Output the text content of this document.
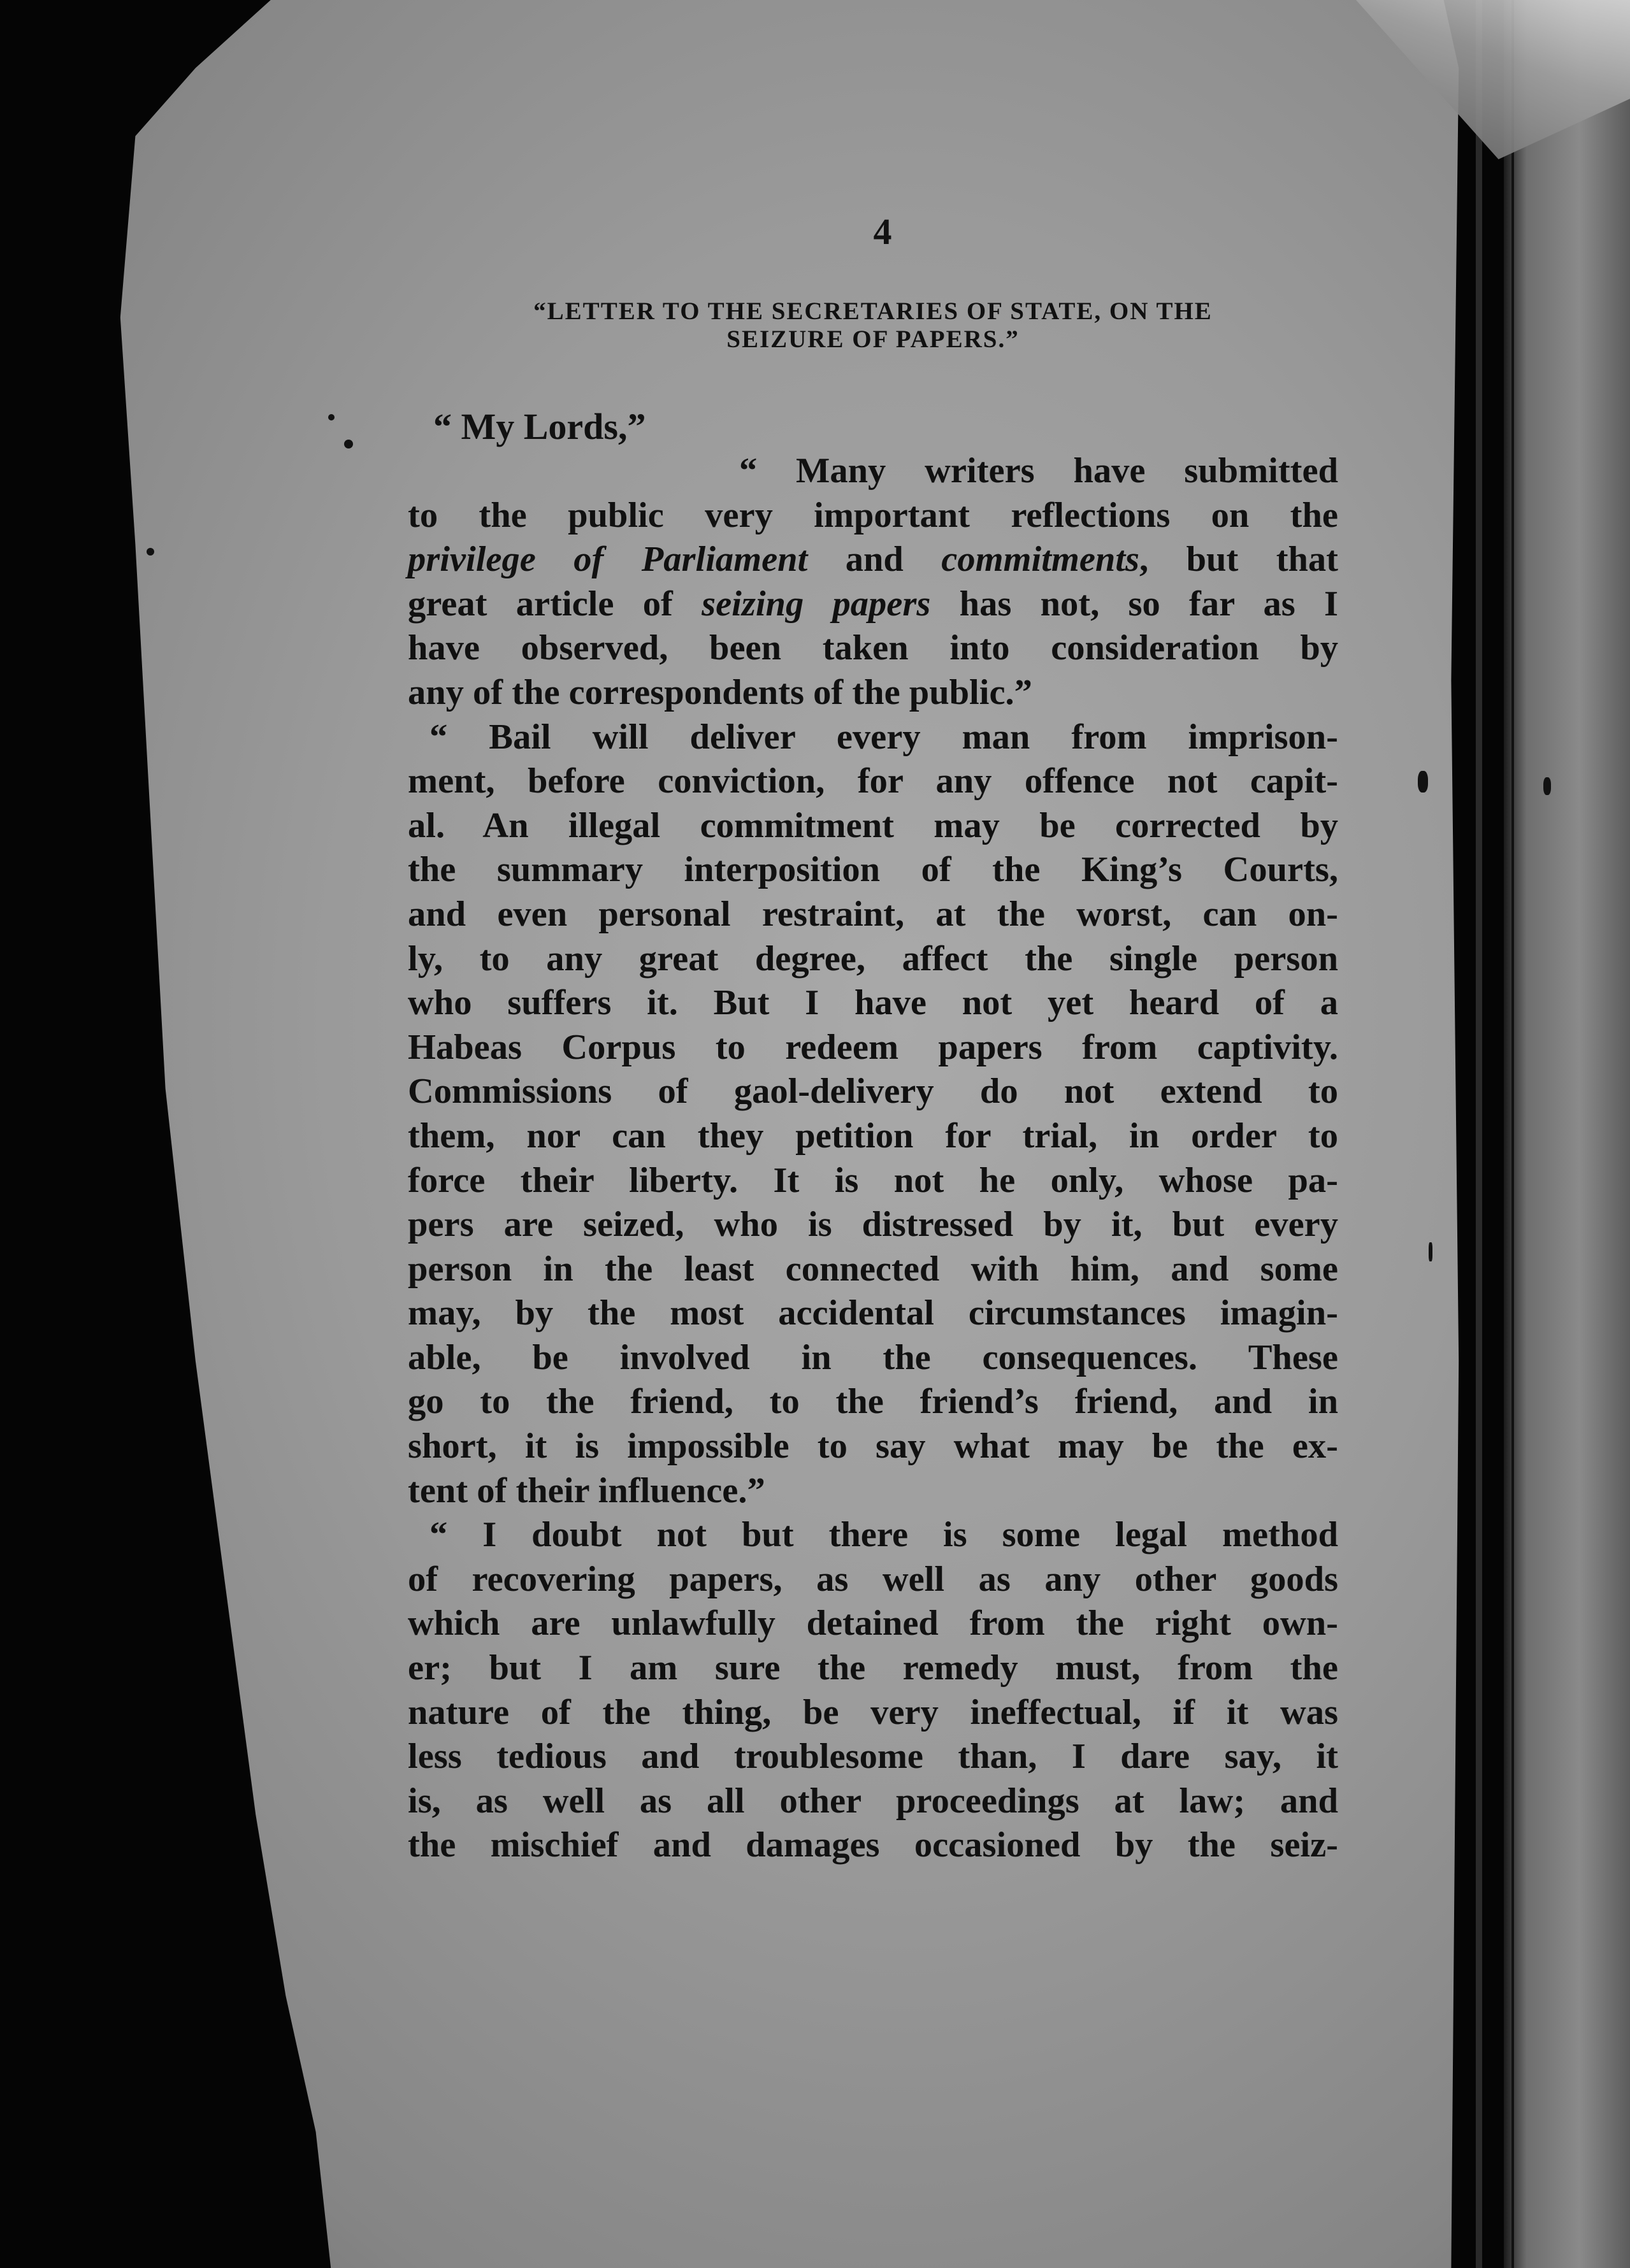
4
“LETTER TO THE SECRETARIES OF STATE, ON THE
SEIZURE OF PAPERS.”
“ My Lords,”
“ Many writers have submitted
to the public very important reflections on the
privilege of Parliament and commitments, but that
great article of seizing papers has not, so far as I
have observed, been taken into consideration by
any of the correspondents of the public.”
“ Bail will deliver every man from imprison-
ment, before conviction, for any offence not capit-
al. An illegal commitment may be corrected by
the summary interposition of the King’s Courts,
and even personal restraint, at the worst, can on-
ly, to any great degree, affect the single person
who suffers it. But I have not yet heard of a
Habeas Corpus to redeem papers from captivity.
Commissions of gaol-delivery do not extend to
them, nor can they petition for trial, in order to
force their liberty. It is not he only, whose pa-
pers are seized, who is distressed by it, but every
person in the least connected with him, and some
may, by the most accidental circumstances imagin-
able, be involved in the consequences. These
go to the friend, to the friend’s friend, and in
short, it is impossible to say what may be the ex-
tent of their influence.”
“ I doubt not but there is some legal method
of recovering papers, as well as any other goods
which are unlawfully detained from the right own-
er; but I am sure the remedy must, from the
nature of the thing, be very ineffectual, if it was
less tedious and troublesome than, I dare say, it
is, as well as all other proceedings at law; and
the mischief and damages occasioned by the seiz-
